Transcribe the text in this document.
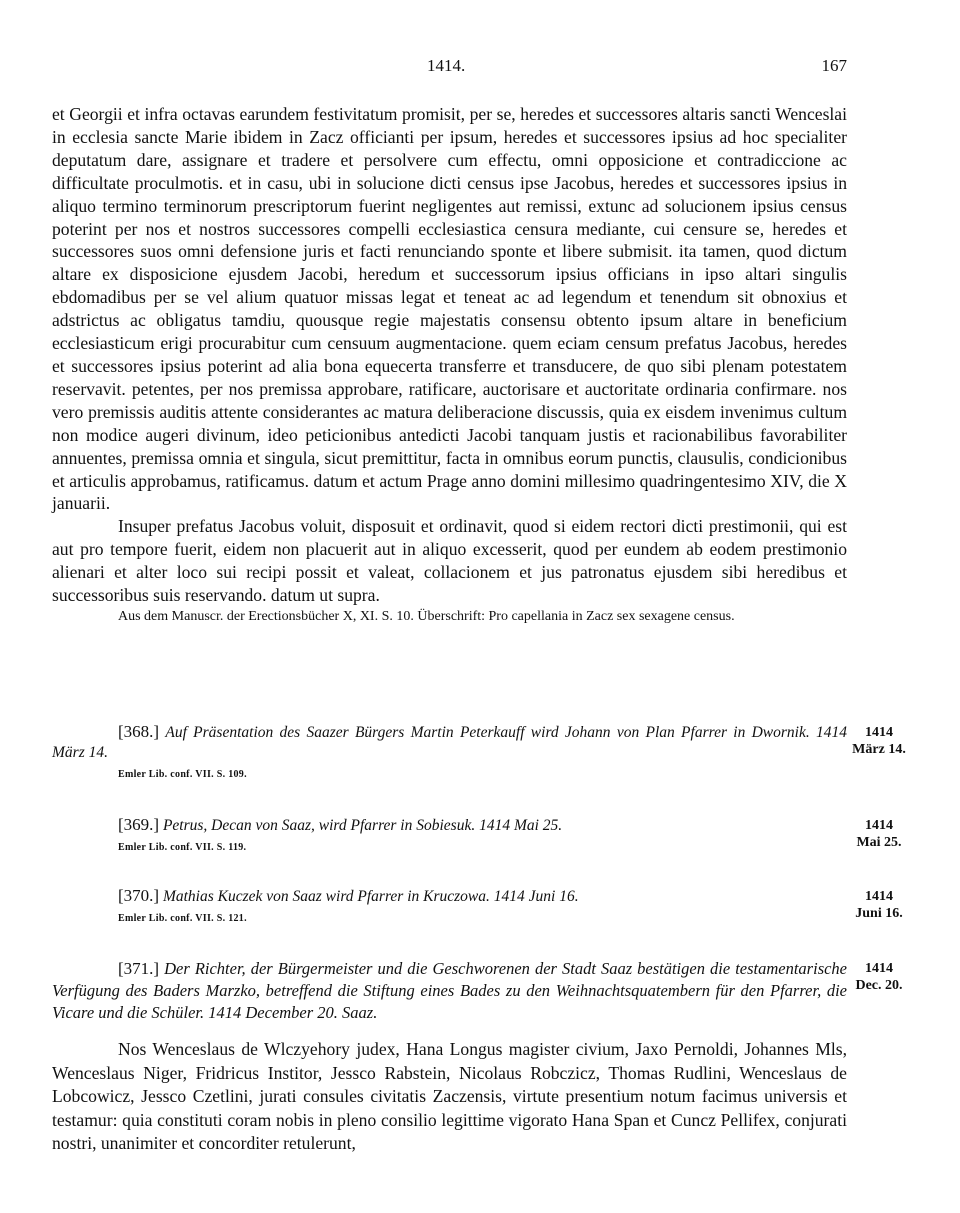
1414.	167

et Georgii et infra octavas earundem festivitatum promisit, per se, heredes et successores altaris sancti Wenceslai in ecclesia sancte Marie ibidem in Zacz officianti per ipsum, heredes et successores ipsius ad hoc specialiter deputatum dare, assignare et tradere et persolvere cum effectu, omni opposicione et contradiccione ac difficultate proculmotis. et in casu, ubi in solucione dicti census ipse Jacobus, heredes et successores ipsius in aliquo termino terminorum prescriptorum fuerint negligentes aut remissi, extunc ad solucionem ipsius census poterint per nos et nostros successores compelli ecclesiastica censura mediante, cui censure se, heredes et successores suos omni defensione juris et facti renunciando sponte et libere submisit. ita tamen, quod dictum altare ex disposicione ejusdem Jacobi, heredum et successorum ipsius officians in ipso altari singulis ebdomadibus per se vel alium quatuor missas legat et teneat ac ad legendum et tenendum sit obnoxius et adstrictus ac obligatus tamdiu, quousque regie majestatis consensu obtento ipsum altare in beneficium ecclesiasticum erigi procurabitur cum censuum augmentacione. quem eciam censum prefatus Jacobus, heredes et successores ipsius poterint ad alia bona equecerta transferre et transducere, de quo sibi plenam potestatem reservavit. petentes, per nos premissa approbare, ratificare, auctorisare et auctoritate ordinaria confirmare. nos vero premissis auditis attente considerantes ac matura deliberacione discussis, quia ex eisdem invenimus cultum non modice augeri divinum, ideo peticionibus antedicti Jacobi tanquam justis et racionabilibus favorabiliter annuentes, premissa omnia et singula, sicut premittitur, facta in omnibus eorum punctis, clausulis, condicionibus et articulis approbamus, ratificamus. datum et actum Prage anno domini millesimo quadringentesimo XIV, die X januarii.

Insuper prefatus Jacobus voluit, disposuit et ordinavit, quod si eidem rectori dicti prestimonii, qui est aut pro tempore fuerit, eidem non placuerit aut in aliquo excesserit, quod per eundem ab eodem prestimonio alienari et alter loco sui recipi possit et valeat, collacionem et jus patronatus ejusdem sibi heredibus et successoribus suis reservando. datum ut supra.

Aus dem Manuscr. der Erectionsbücher X, XI. S. 10. Überschrift: Pro capellania in Zacz sex sexagene census.

[368.] Auf Präsentation des Saazer Bürgers Martin Peterkauff wird Johann von Plan Pfarrer in Dwornik. 1414 März 14.
1414
März 14.
Emler Lib. conf. VII. S. 109.
[369.] Petrus, Decan von Saaz, wird Pfarrer in Sobiesuk. 1414 Mai 25.	1414
Mai 25.
Emler Lib. conf. VII. S. 119.
[370.] Mathias Kuczek von Saaz wird Pfarrer in Kruczowa. 1414 Juni 16.	1414
Juni 16.
Emler Lib. conf. VII. S. 121.
[371.] Der Richter, der Bürgermeister und die Geschworenen der Stadt Saaz bestätigen die testamentarische Verfügung des Baders Marzko, betreffend die Stiftung eines Bades zu den Weihnachtsquatembern für den Pfarrer, die Vicare und die Schüler. 1414 December 20. Saaz.
1414
Dec. 20.

Nos Wenceslaus de Wlczyehory judex, Hana Longus magister civium, Jaxo Pernoldi, Johannes Mls, Wenceslaus Niger, Fridricus Institor, Jessco Rabstein, Nicolaus Robczicz, Thomas Rudlini, Wenceslaus de Lobcowicz, Jessco Czetlini, jurati consules civitatis Zaczensis, virtute presentium notum facimus universis et testamur: quia constituti coram nobis in pleno consilio legittime vigorato Hana Span et Cuncz Pellifex, conjurati nostri, unanimiter et concorditer retulerunt,
